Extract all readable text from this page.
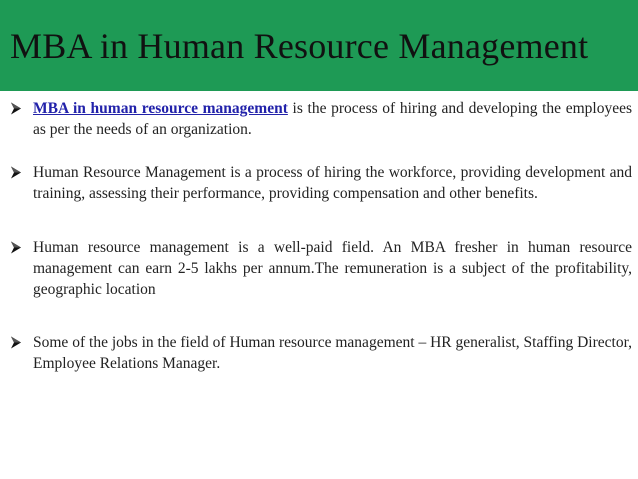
MBA in Human Resource Management
MBA in human resource management is the process of hiring and developing the employees as per the needs of an organization.
Human Resource Management is a process of hiring the workforce, providing development and training, assessing their performance, providing compensation and other benefits.
Human resource management is a well-paid field. An MBA fresher in human resource management can earn 2-5 lakhs per annum.The remuneration is a subject of the profitability, geographic location
Some of the jobs in the field of Human resource management – HR generalist, Staffing Director, Employee Relations Manager.
